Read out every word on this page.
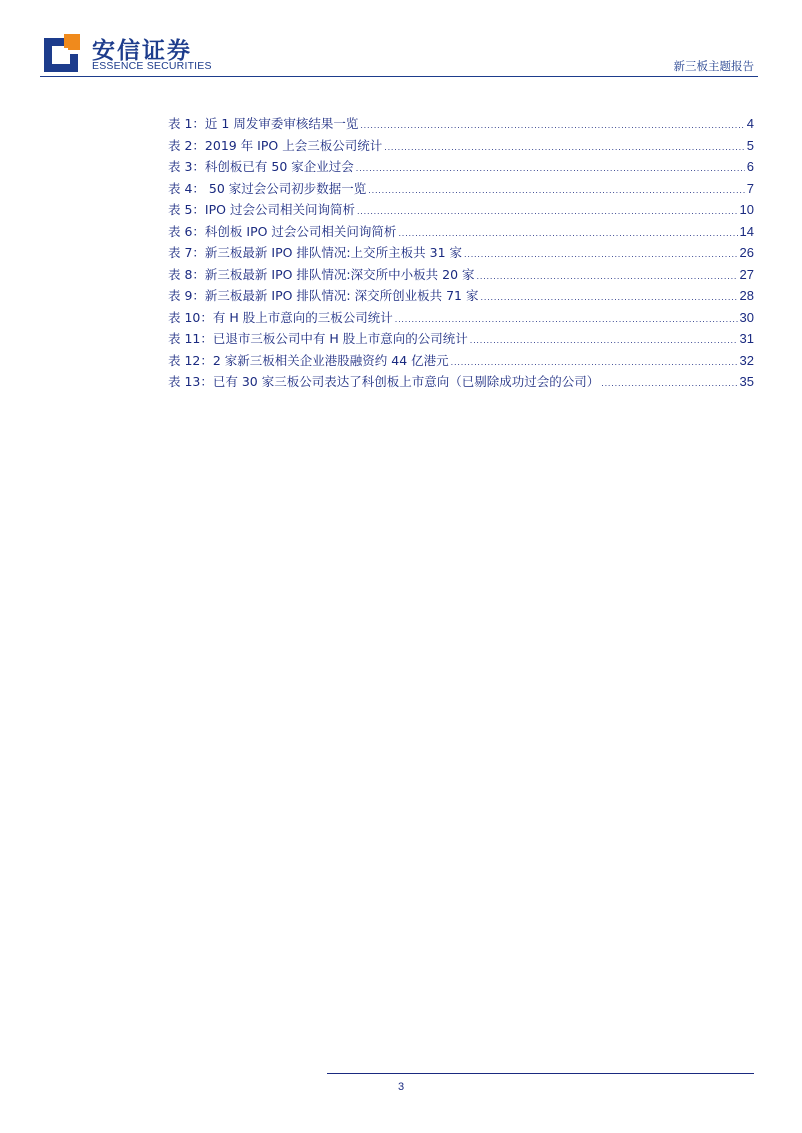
安信证券
ESSENCE SECURITIES	新三板主题报告
表 1：近 1 周发审委审核结果一览 .....	4
表 2：2019 年 IPO 上会三板公司统计 .....	5
表 3：科创板已有 50 家企业过会 .....	6
表 4： 50 家过会公司初步数据一览 .....	7
表 5：IPO 过会公司相关问询简析 .....	10
表 6：科创板 IPO 过会公司相关问询简析 .....	14
表 7：新三板最新 IPO 排队情况:上交所主板共 31 家 .....	26
表 8：新三板最新 IPO 排队情况:深交所中小板共 20 家 .....	27
表 9：新三板最新 IPO 排队情况: 深交所创业板共 71 家 .....	28
表 10：有 H 股上市意向的三板公司统计 .....	30
表 11：已退市三板公司中有 H 股上市意向的公司统计 .....	31
表 12：2 家新三板相关企业港股融资约 44 亿港元 .....	32
表 13：已有 30 家三板公司表达了科创板上市意向（已剔除成功过会的公司） .....	35
3
